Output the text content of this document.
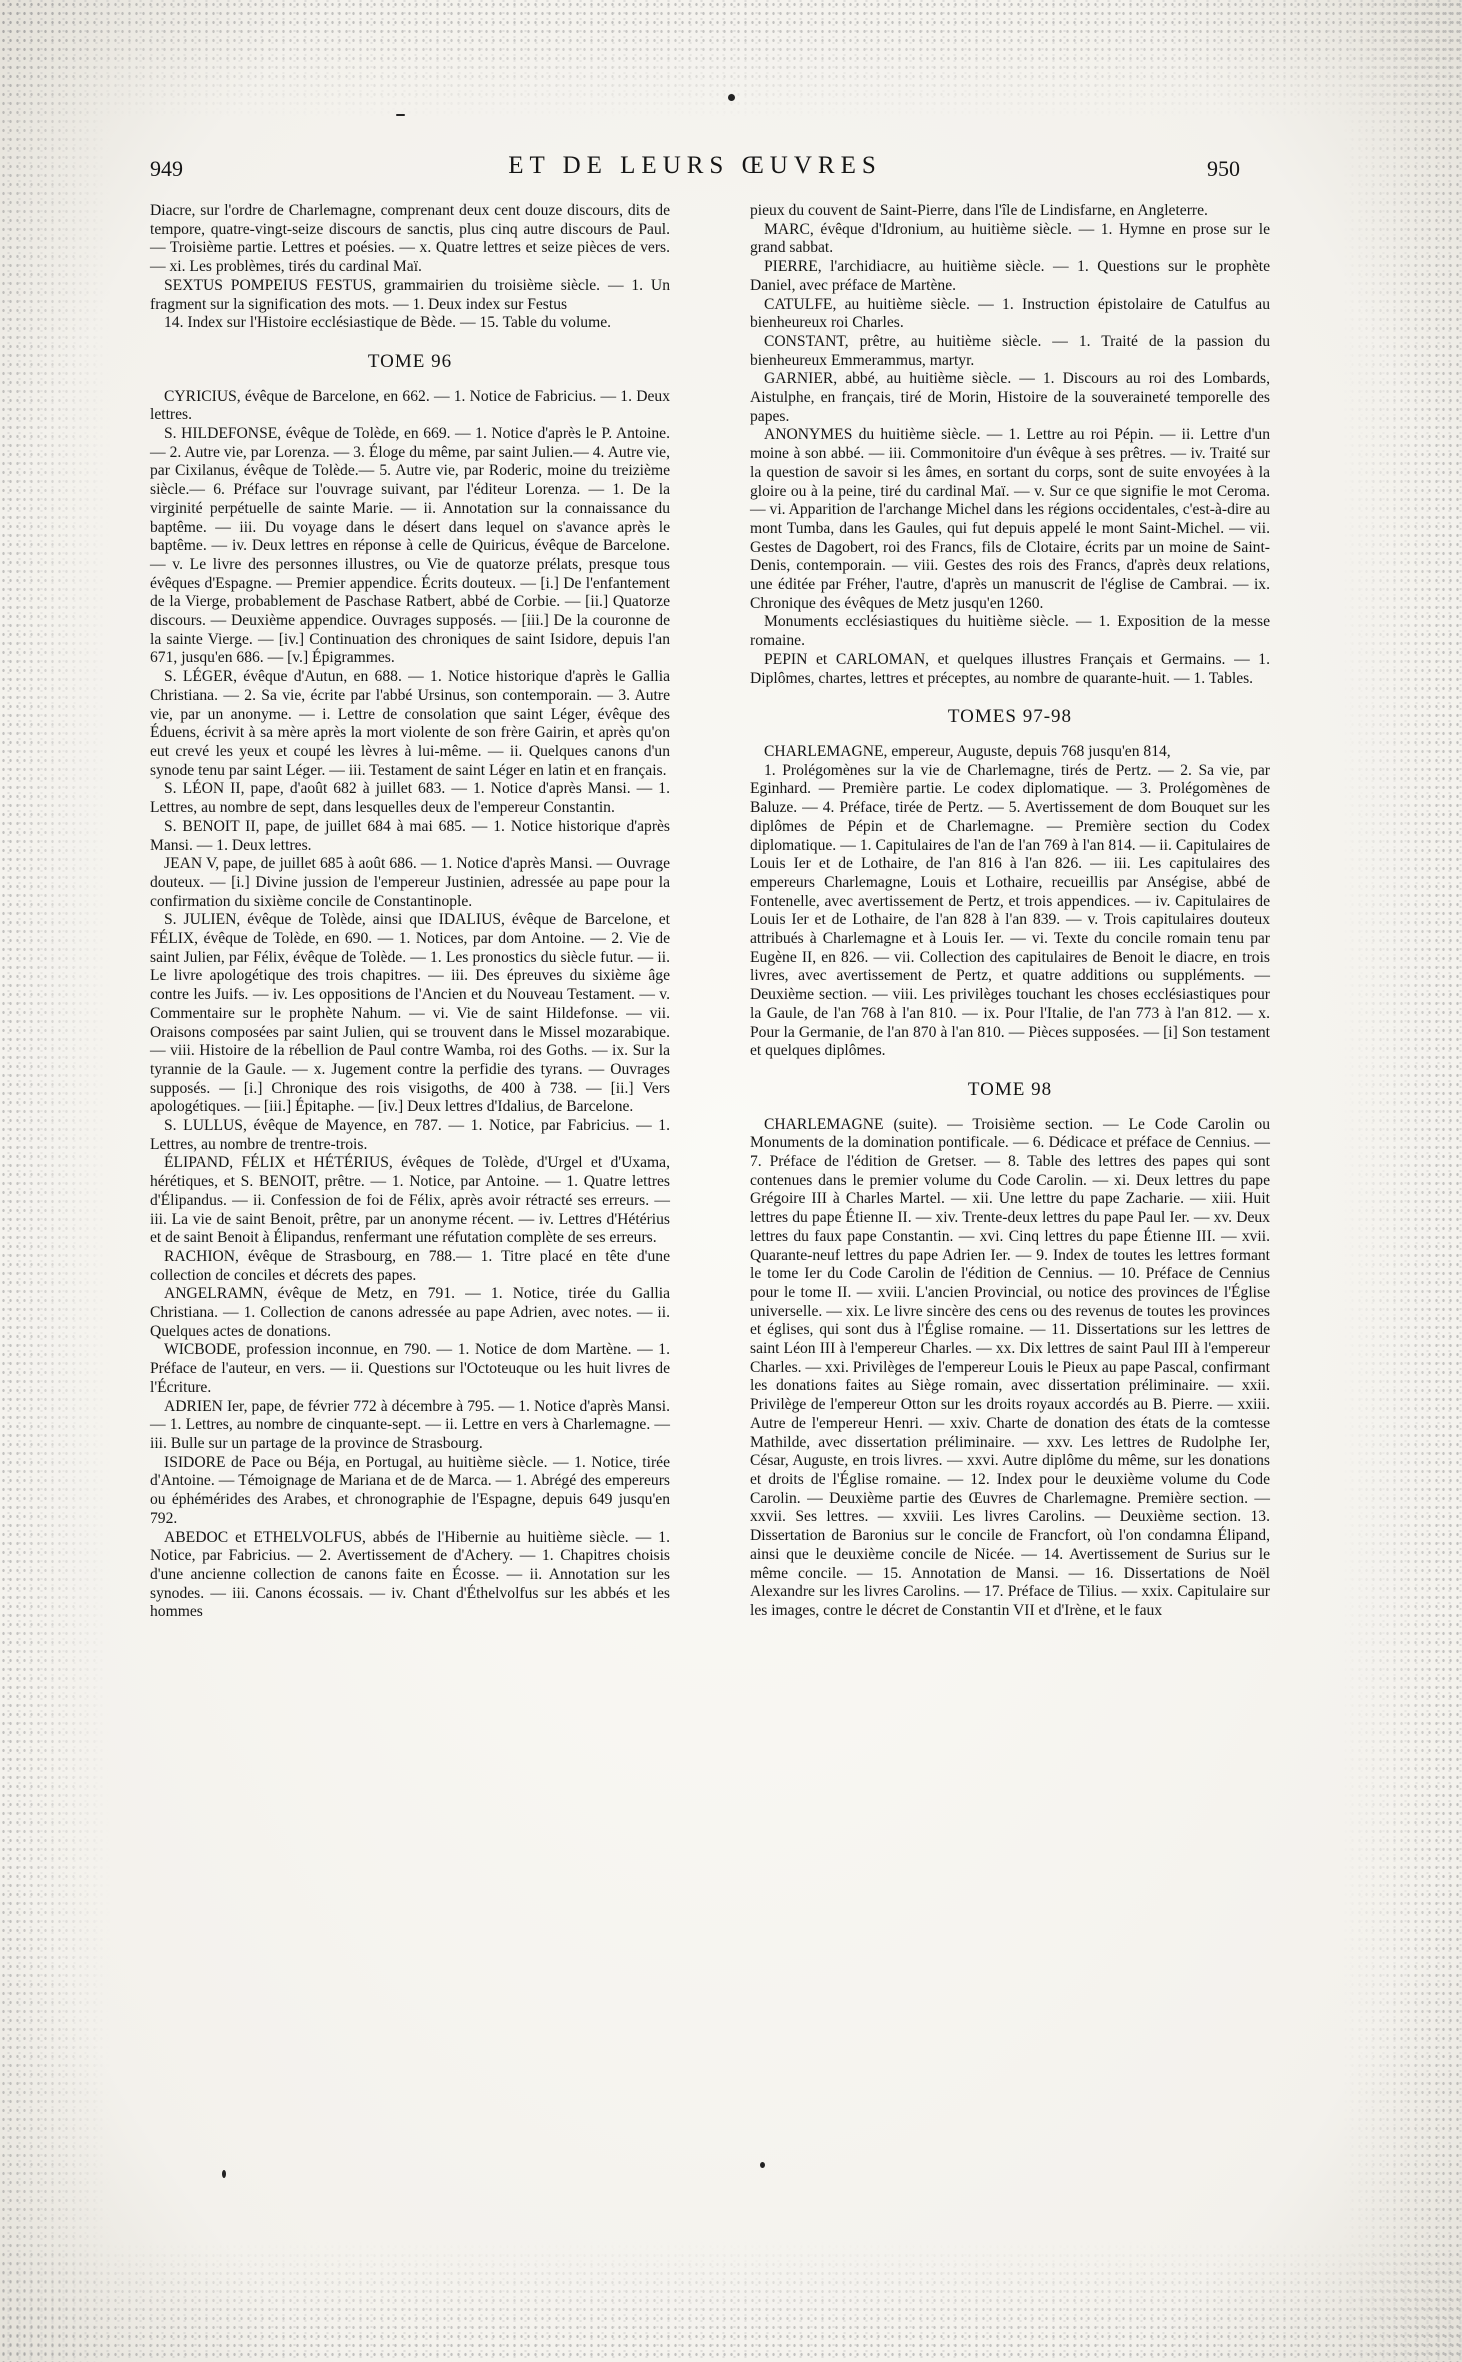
949	ET DE LEURS ŒUVRES	950

Diacre, sur l'ordre de Charlemagne, comprenant deux cent douze discours, dits de tempore, quatre-vingt-seize discours de sanctis, plus cinq autre discours de Paul. — Troisième partie. Lettres et poésies. — x. Quatre lettres et seize pièces de vers. — xi. Les problèmes, tirés du cardinal Maï.

SEXTUS POMPEIUS FESTUS, grammairien du troisième siècle. — 1. Un fragment sur la signification des mots. — 1. Deux index sur Festus

14. Index sur l'Histoire ecclésiastique de Bède. — 15. Table du volume.

TOME 96

CYRICIUS, évêque de Barcelone, en 662. — 1. Notice de Fabricius. — 1. Deux lettres.

S. HILDEFONSE, évêque de Tolède, en 669. — 1. Notice d'après le P. Antoine. — 2. Autre vie, par Lorenza. — 3. Éloge du même, par saint Julien.— 4. Autre vie, par Cixilanus, évêque de Tolède.— 5. Autre vie, par Roderic, moine du treizième siècle.— 6. Préface sur l'ouvrage suivant, par l'éditeur Lorenza. — 1. De la virginité perpétuelle de sainte Marie. — ii. Annotation sur la connaissance du baptême. — iii. Du voyage dans le désert dans lequel on s'avance après le baptême. — iv. Deux lettres en réponse à celle de Quiricus, évêque de Barcelone. — v. Le livre des personnes illustres, ou Vie de quatorze prélats, presque tous évêques d'Espagne. — Premier appendice. Écrits douteux. — [i.] De l'enfantement de la Vierge, probablement de Paschase Ratbert, abbé de Corbie. — [ii.] Quatorze discours. — Deuxième appendice. Ouvrages supposés. — [iii.] De la couronne de la sainte Vierge. — [iv.] Continuation des chroniques de saint Isidore, depuis l'an 671, jusqu'en 686. — [v.] Épigrammes.

S. LÉGER, évêque d'Autun, en 688. — 1. Notice historique d'après le Gallia Christiana. — 2. Sa vie, écrite par l'abbé Ursinus, son contemporain. — 3. Autre vie, par un anonyme. — i. Lettre de consolation que saint Léger, évêque des Éduens, écrivit à sa mère après la mort violente de son frère Gairin, et après qu'on eut crevé les yeux et coupé les lèvres à lui-même. — ii. Quelques canons d'un synode tenu par saint Léger. — iii. Testament de saint Léger en latin et en français.

S. LÉON II, pape, d'août 682 à juillet 683. — 1. Notice d'après Mansi. — 1. Lettres, au nombre de sept, dans lesquelles deux de l'empereur Constantin.

S. BENOIT II, pape, de juillet 684 à mai 685. — 1. Notice historique d'après Mansi. — 1. Deux lettres.

JEAN V, pape, de juillet 685 à août 686. — 1. Notice d'après Mansi. — Ouvrage douteux. — [i.] Divine jussion de l'empereur Justinien, adressée au pape pour la confirmation du sixième concile de Constantinople.

S. JULIEN, évêque de Tolède, ainsi que IDALIUS, évêque de Barcelone, et FÉLIX, évêque de Tolède, en 690. — 1. Notices, par dom Antoine. — 2. Vie de saint Julien, par Félix, évêque de Tolède. — 1. Les pronostics du siècle futur. — ii. Le livre apologétique des trois chapitres. — iii. Des épreuves du sixième âge contre les Juifs. — iv. Les oppositions de l'Ancien et du Nouveau Testament. — v. Commentaire sur le prophète Nahum. — vi. Vie de saint Hildefonse. — vii. Oraisons composées par saint Julien, qui se trouvent dans le Missel mozarabique. — viii. Histoire de la rébellion de Paul contre Wamba, roi des Goths. — ix. Sur la tyrannie de la Gaule. — x. Jugement contre la perfidie des tyrans. — Ouvrages supposés. — [i.] Chronique des rois visigoths, de 400 à 738. — [ii.] Vers apologétiques. — [iii.] Épitaphe. — [iv.] Deux lettres d'Idalius, de Barcelone.

S. LULLUS, évêque de Mayence, en 787. — 1. Notice, par Fabricius. — 1. Lettres, au nombre de trentre-trois.

ÉLIPAND, FÉLIX et HÉTÉRIUS, évêques de Tolède, d'Urgel et d'Uxama, hérétiques, et S. BENOIT, prêtre. — 1. Notice, par Antoine. — 1. Quatre lettres d'Élipandus. — ii. Confession de foi de Félix, après avoir rétracté ses erreurs. — iii. La vie de saint Benoit, prêtre, par un anonyme récent. — iv. Lettres d'Hétérius et de saint Benoit à Élipandus, renfermant une réfutation complète de ses erreurs.

RACHION, évêque de Strasbourg, en 788.— 1. Titre placé en tête d'une collection de conciles et décrets des papes.

ANGELRAMN, évêque de Metz, en 791. — 1. Notice, tirée du Gallia Christiana. — 1. Collection de canons adressée au pape Adrien, avec notes. — ii. Quelques actes de donations.

WICBODE, profession inconnue, en 790. — 1. Notice de dom Martène. — 1. Préface de l'auteur, en vers. — ii. Questions sur l'Octoteuque ou les huit livres de l'Écriture.

ADRIEN Ier, pape, de février 772 à décembre à 795. — 1. Notice d'après Mansi. — 1. Lettres, au nombre de cinquante-sept. — ii. Lettre en vers à Charlemagne. — iii. Bulle sur un partage de la province de Strasbourg.

ISIDORE de Pace ou Béja, en Portugal, au huitième siècle. — 1. Notice, tirée d'Antoine. — Témoignage de Mariana et de de Marca. — 1. Abrégé des empereurs ou éphémérides des Arabes, et chronographie de l'Espagne, depuis 649 jusqu'en 792.

ABEDOC et ETHELVOLFUS, abbés de l'Hibernie au huitième siècle. — 1. Notice, par Fabricius. — 2. Avertissement de d'Achery. — 1. Chapitres choisis d'une ancienne collection de canons faite en Écosse. — ii. Annotation sur les synodes. — iii. Canons écossais. — iv. Chant d'Éthelvolfus sur les abbés et les hommes

pieux du couvent de Saint-Pierre, dans l'île de Lindisfarne, en Angleterre.

MARC, évêque d'Idronium, au huitième siècle. — 1. Hymne en prose sur le grand sabbat.

PIERRE, l'archidiacre, au huitième siècle. — 1. Questions sur le prophète Daniel, avec préface de Martène.

CATULFE, au huitième siècle. — 1. Instruction épistolaire de Catulfus au bienheureux roi Charles.

CONSTANT, prêtre, au huitième siècle. — 1. Traité de la passion du bienheureux Emmerammus, martyr.

GARNIER, abbé, au huitième siècle. — 1. Discours au roi des Lombards, Aistulphe, en français, tiré de Morin, Histoire de la souveraineté temporelle des papes.

ANONYMES du huitième siècle. — 1. Lettre au roi Pépin. — ii. Lettre d'un moine à son abbé. — iii. Commonitoire d'un évêque à ses prêtres. — iv. Traité sur la question de savoir si les âmes, en sortant du corps, sont de suite envoyées à la gloire ou à la peine, tiré du cardinal Maï. — v. Sur ce que signifie le mot Ceroma. — vi. Apparition de l'archange Michel dans les régions occidentales, c'est-à-dire au mont Tumba, dans les Gaules, qui fut depuis appelé le mont Saint-Michel. — vii. Gestes de Dagobert, roi des Francs, fils de Clotaire, écrits par un moine de Saint-Denis, contemporain. — viii. Gestes des rois des Francs, d'après deux relations, une éditée par Fréher, l'autre, d'après un manuscrit de l'église de Cambrai. — ix. Chronique des évêques de Metz jusqu'en 1260.

Monuments ecclésiastiques du huitième siècle. — 1. Exposition de la messe romaine.

PEPIN et CARLOMAN, et quelques illustres Français et Germains. — 1. Diplômes, chartes, lettres et préceptes, au nombre de quarante-huit. — 1. Tables.

TOMES 97-98

CHARLEMAGNE, empereur, Auguste, depuis 768 jusqu'en 814,

1. Prolégomènes sur la vie de Charlemagne, tirés de Pertz. — 2. Sa vie, par Eginhard. — Première partie. Le codex diplomatique. — 3. Prolégomènes de Baluze. — 4. Préface, tirée de Pertz. — 5. Avertissement de dom Bouquet sur les diplômes de Pépin et de Charlemagne. — Première section du Codex diplomatique. — 1. Capitulaires de l'an de l'an 769 à l'an 814. — ii. Capitulaires de Louis Ier et de Lothaire, de l'an 816 à l'an 826. — iii. Les capitulaires des empereurs Charlemagne, Louis et Lothaire, recueillis par Anségise, abbé de Fontenelle, avec avertissement de Pertz, et trois appendices. — iv. Capitulaires de Louis Ier et de Lothaire, de l'an 828 à l'an 839. — v. Trois capitulaires douteux attribués à Charlemagne et à Louis Ier. — vi. Texte du concile romain tenu par Eugène II, en 826. — vii. Collection des capitulaires de Benoit le diacre, en trois livres, avec avertissement de Pertz, et quatre additions ou suppléments. — Deuxième section. — viii. Les privilèges touchant les choses ecclésiastiques pour la Gaule, de l'an 768 à l'an 810. — ix. Pour l'Italie, de l'an 773 à l'an 812. — x. Pour la Germanie, de l'an 870 à l'an 810. — Pièces supposées. — [i] Son testament et quelques diplômes.

TOME 98

CHARLEMAGNE (suite). — Troisième section. — Le Code Carolin ou Monuments de la domination pontificale. — 6. Dédicace et préface de Cennius. — 7. Préface de l'édition de Gretser. — 8. Table des lettres des papes qui sont contenues dans le premier volume du Code Carolin. — xi. Deux lettres du pape Grégoire III à Charles Martel. — xii. Une lettre du pape Zacharie. — xiii. Huit lettres du pape Étienne II. — xiv. Trente-deux lettres du pape Paul Ier. — xv. Deux lettres du faux pape Constantin. — xvi. Cinq lettres du pape Étienne III. — xvii. Quarante-neuf lettres du pape Adrien Ier. — 9. Index de toutes les lettres formant le tome Ier du Code Carolin de l'édition de Cennius. — 10. Préface de Cennius pour le tome II. — xviii. L'ancien Provincial, ou notice des provinces de l'Église universelle. — xix. Le livre sincère des cens ou des revenus de toutes les provinces et églises, qui sont dus à l'Église romaine. — 11. Dissertations sur les lettres de saint Léon III à l'empereur Charles. — xx. Dix lettres de saint Paul III à l'empereur Charles. — xxi. Privilèges de l'empereur Louis le Pieux au pape Pascal, confirmant les donations faites au Siège romain, avec dissertation préliminaire. — xxii. Privilège de l'empereur Otton sur les droits royaux accordés au B. Pierre. — xxiii. Autre de l'empereur Henri. — xxiv. Charte de donation des états de la comtesse Mathilde, avec dissertation préliminaire. — xxv. Les lettres de Rudolphe Ier, César, Auguste, en trois livres. — xxvi. Autre diplôme du même, sur les donations et droits de l'Église romaine. — 12. Index pour le deuxième volume du Code Carolin. — Deuxième partie des Œuvres de Charlemagne. Première section. — xxvii. Ses lettres. — xxviii. Les livres Carolins. — Deuxième section. 13. Dissertation de Baronius sur le concile de Francfort, où l'on condamna Élipand, ainsi que le deuxième concile de Nicée. — 14. Avertissement de Surius sur le même concile. — 15. Annotation de Mansi. — 16. Dissertations de Noël Alexandre sur les livres Carolins. — 17. Préface de Tilius. — xxix. Capitulaire sur les images, contre le décret de Constantin VII et d'Irène, et le faux
